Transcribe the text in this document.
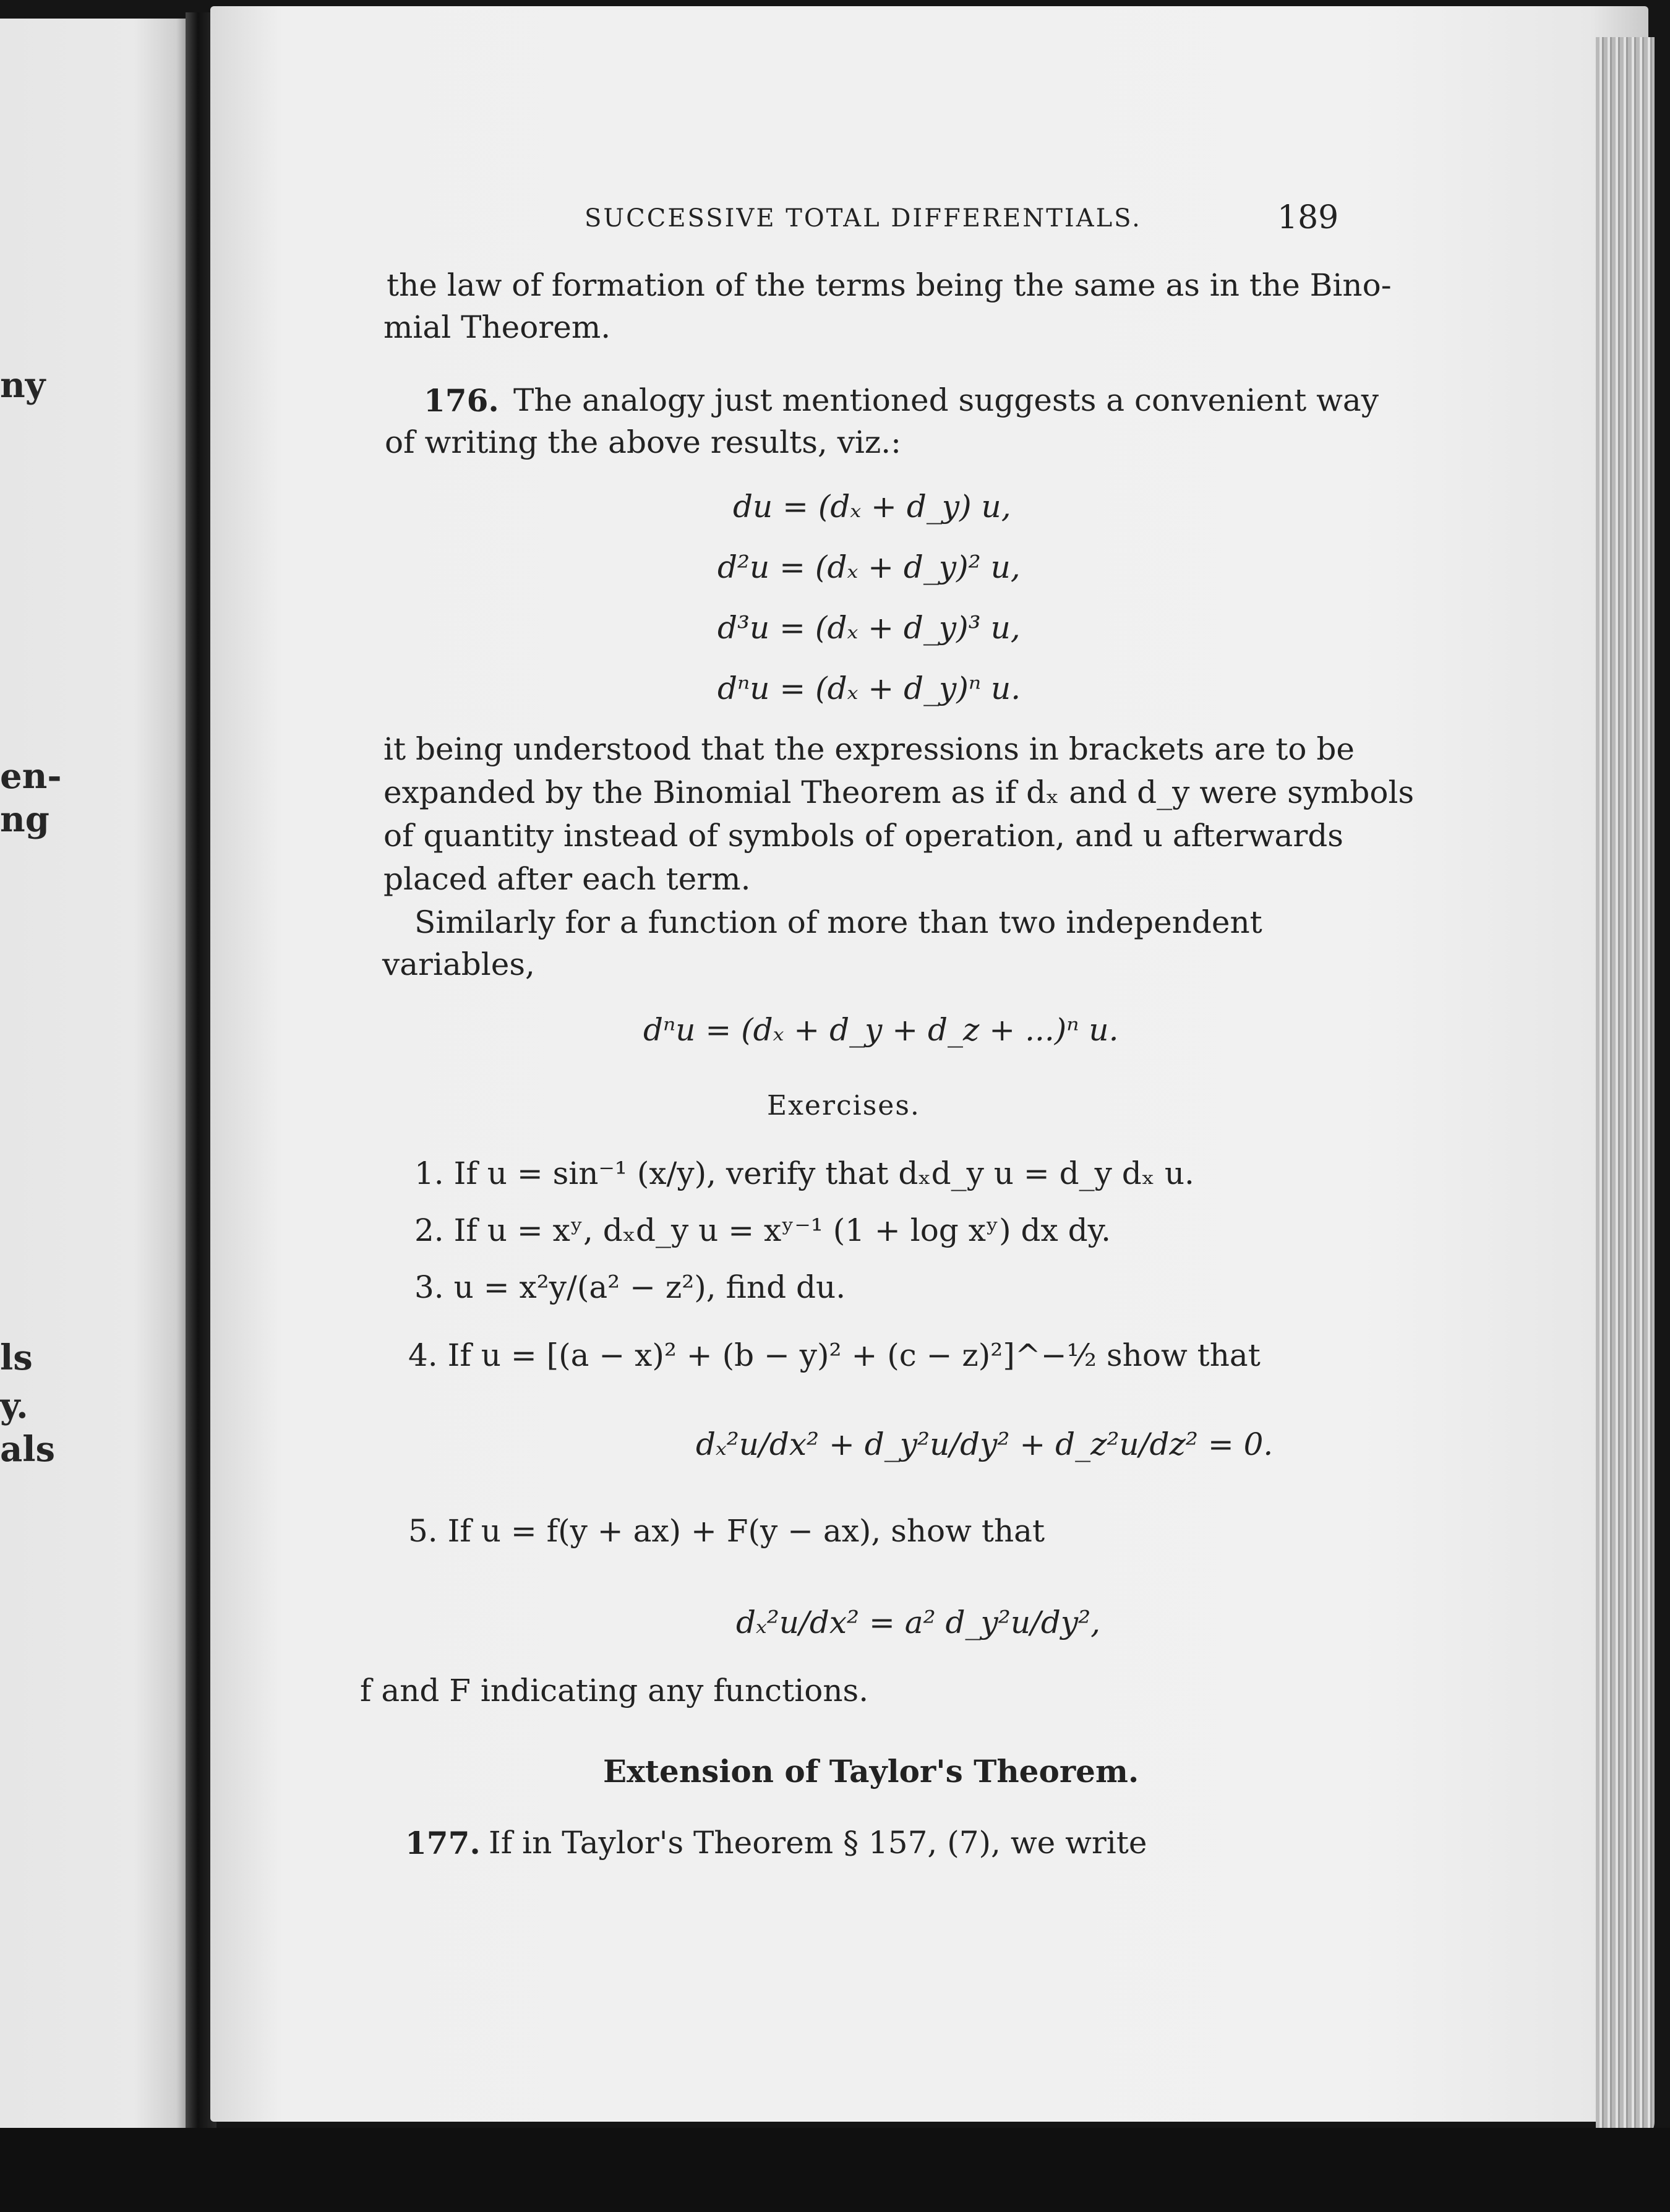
ny
en-
ng
ls
y.
als
SUCCESSIVE TOTAL DIFFERENTIALS.	189
the law of formation of the terms being the same as in the Bino-
mial Theorem.
176. The analogy just mentioned suggests a convenient way
of writing the above results, viz.:
du = (dₓ + d_y) u,
d²u = (dₓ + d_y)² u,
d³u = (dₓ + d_y)³ u,
dⁿu = (dₓ + d_y)ⁿ u.
it being understood that the expressions in brackets are to be
expanded by the Binomial Theorem as if dₓ and d_y were symbols
of quantity instead of symbols of operation, and u afterwards
placed after each term.
Similarly for a function of more than two independent
variables,
dⁿu = (dₓ + d_y + d_z + ...)ⁿ u.
Exercises.
1. If u = sin⁻¹ (x/y), verify that dₓd_y u = d_y dₓ u.
2. If u = xʸ, dₓd_y u = xʸ⁻¹ (1 + log xʸ) dx dy.
3. u = x²y/(a² − z²), find du.
4. If u = [(a − x)² + (b − y)² + (c − z)²]^−½ show that
dₓ²u/dx² + d_y²u/dy² + d_z²u/dz² = 0.
5. If u = f(y + ax) + F(y − ax), show that
dₓ²u/dx² = a² d_y²u/dy²,
f and F indicating any functions.
Extension of Taylor's Theorem.
177. If in Taylor's Theorem § 157, (7), we write
